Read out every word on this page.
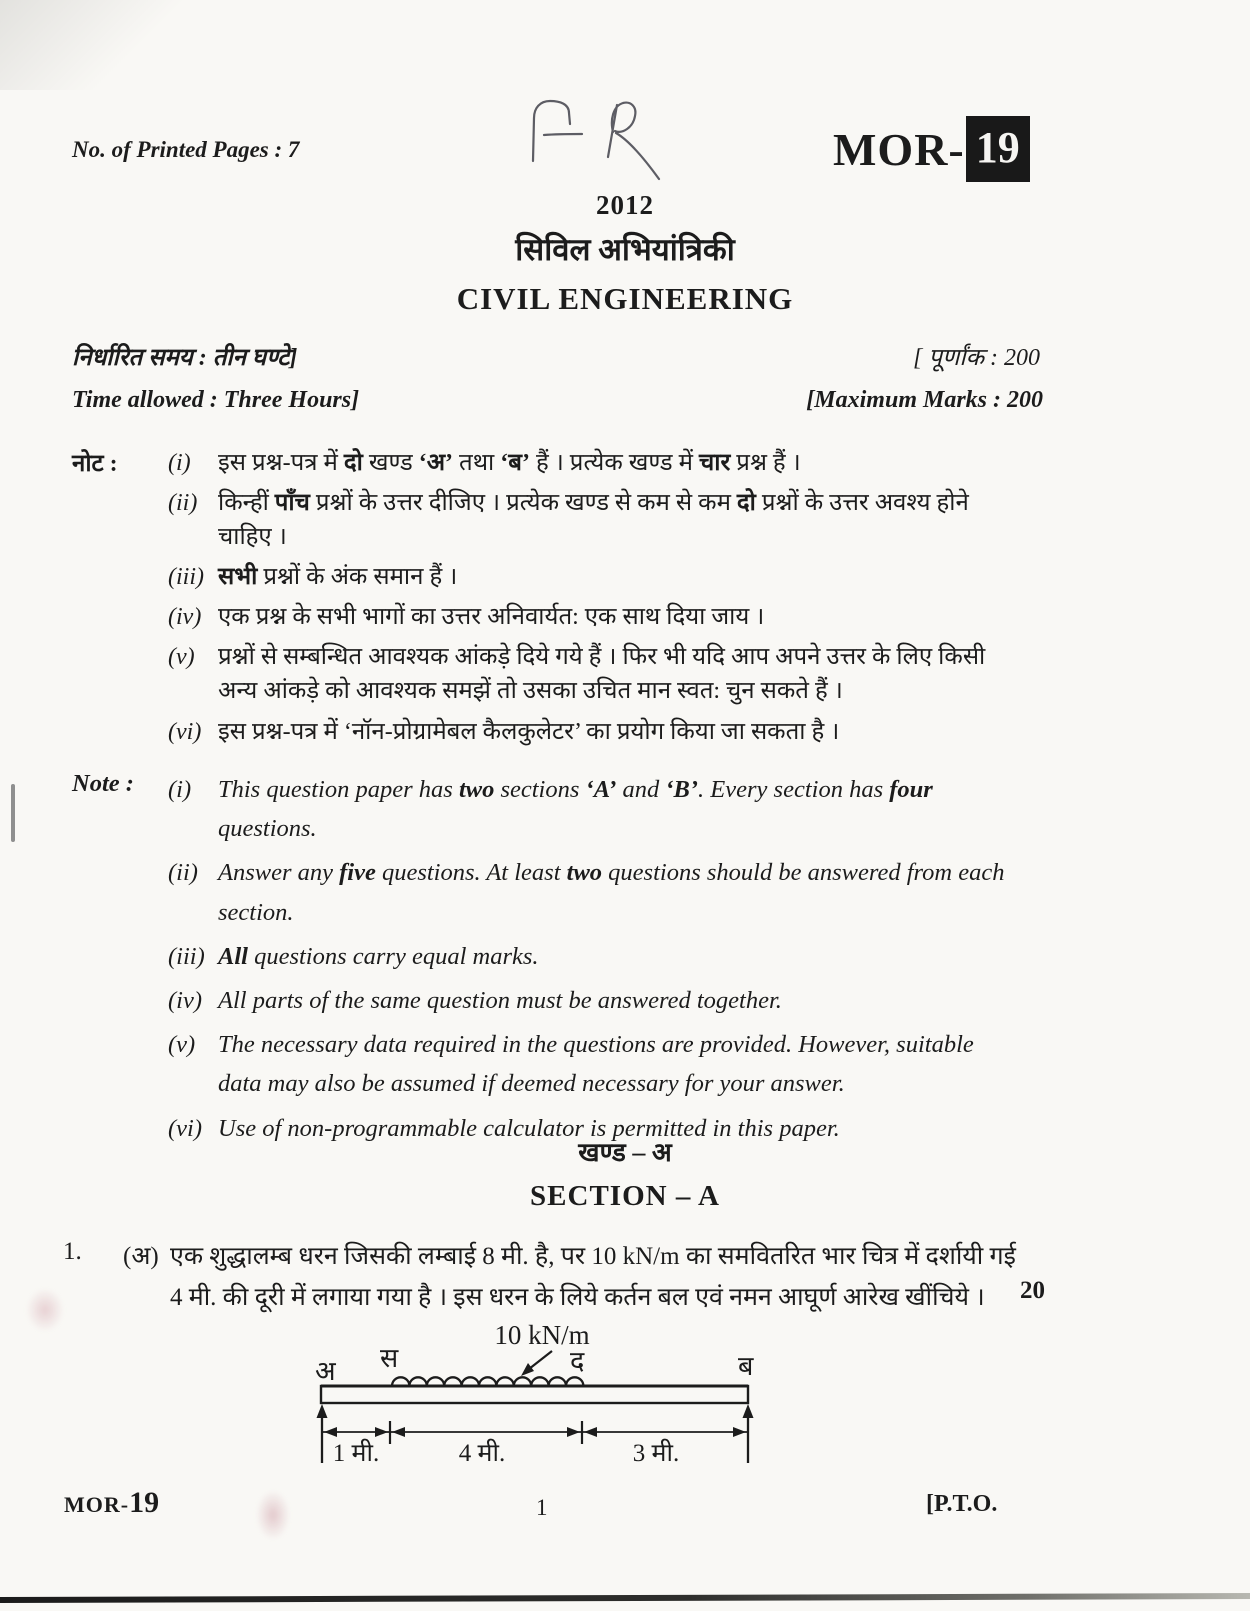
No. of Printed Pages : 7	MOR- 19
2012
सिविल अभियांत्रिकी
CIVIL ENGINEERING
निर्धारित समय : तीन घण्टे]	[ पूर्णांक : 200
Time allowed : Three Hours]	[Maximum Marks : 200
नोट :	(i)	इस प्रश्न-पत्र में दो खण्ड ‘अ’ तथा ‘ब’ हैं । प्रत्येक खण्ड में चार प्रश्न हैं ।
(ii) किन्हीं पाँच प्रश्नों के उत्तर दीजिए । प्रत्येक खण्ड से कम से कम दो प्रश्नों के उत्तर अवश्य होने चाहिए ।
(iii) सभी प्रश्नों के अंक समान हैं ।
(iv) एक प्रश्न के सभी भागों का उत्तर अनिवार्यत: एक साथ दिया जाय ।
(v) प्रश्नों से सम्बन्धित आवश्यक आंकड़े दिये गये हैं । फिर भी यदि आप अपने उत्तर के लिए किसी अन्य आंकड़े को आवश्यक समझें तो उसका उचित मान स्वत: चुन सकते हैं ।
(vi) इस प्रश्न-पत्र में ‘नॉन-प्रोग्रामेबल कैलकुलेटर’ का प्रयोग किया जा सकता है ।
Note :	(i)	This question paper has two sections ‘A’ and ‘B’. Every section has four questions.
(ii) Answer any five questions. At least two questions should be answered from each section.
(iii) All questions carry equal marks.
(iv) All parts of the same question must be answered together.
(v) The necessary data required in the questions are provided. However, suitable data may also be assumed if deemed necessary for your answer.
(vi) Use of non-programmable calculator is permitted in this paper.
खण्ड – अ
SECTION – A
1. (अ) एक शुद्धालम्ब धरन जिसकी लम्बाई 8 मी. है, पर 10 kN/m का समवितरित भार चित्र में दर्शायी गई 4 मी. की दूरी में लगाया गया है । इस धरन के लिये कर्तन बल एवं नमन आघूर्ण आरेख खींचिये ।	20
10 kN/m
अ स	द	ब
1 मी.	4 मी.	3 मी.
MOR-19	1	[P.T.O.
